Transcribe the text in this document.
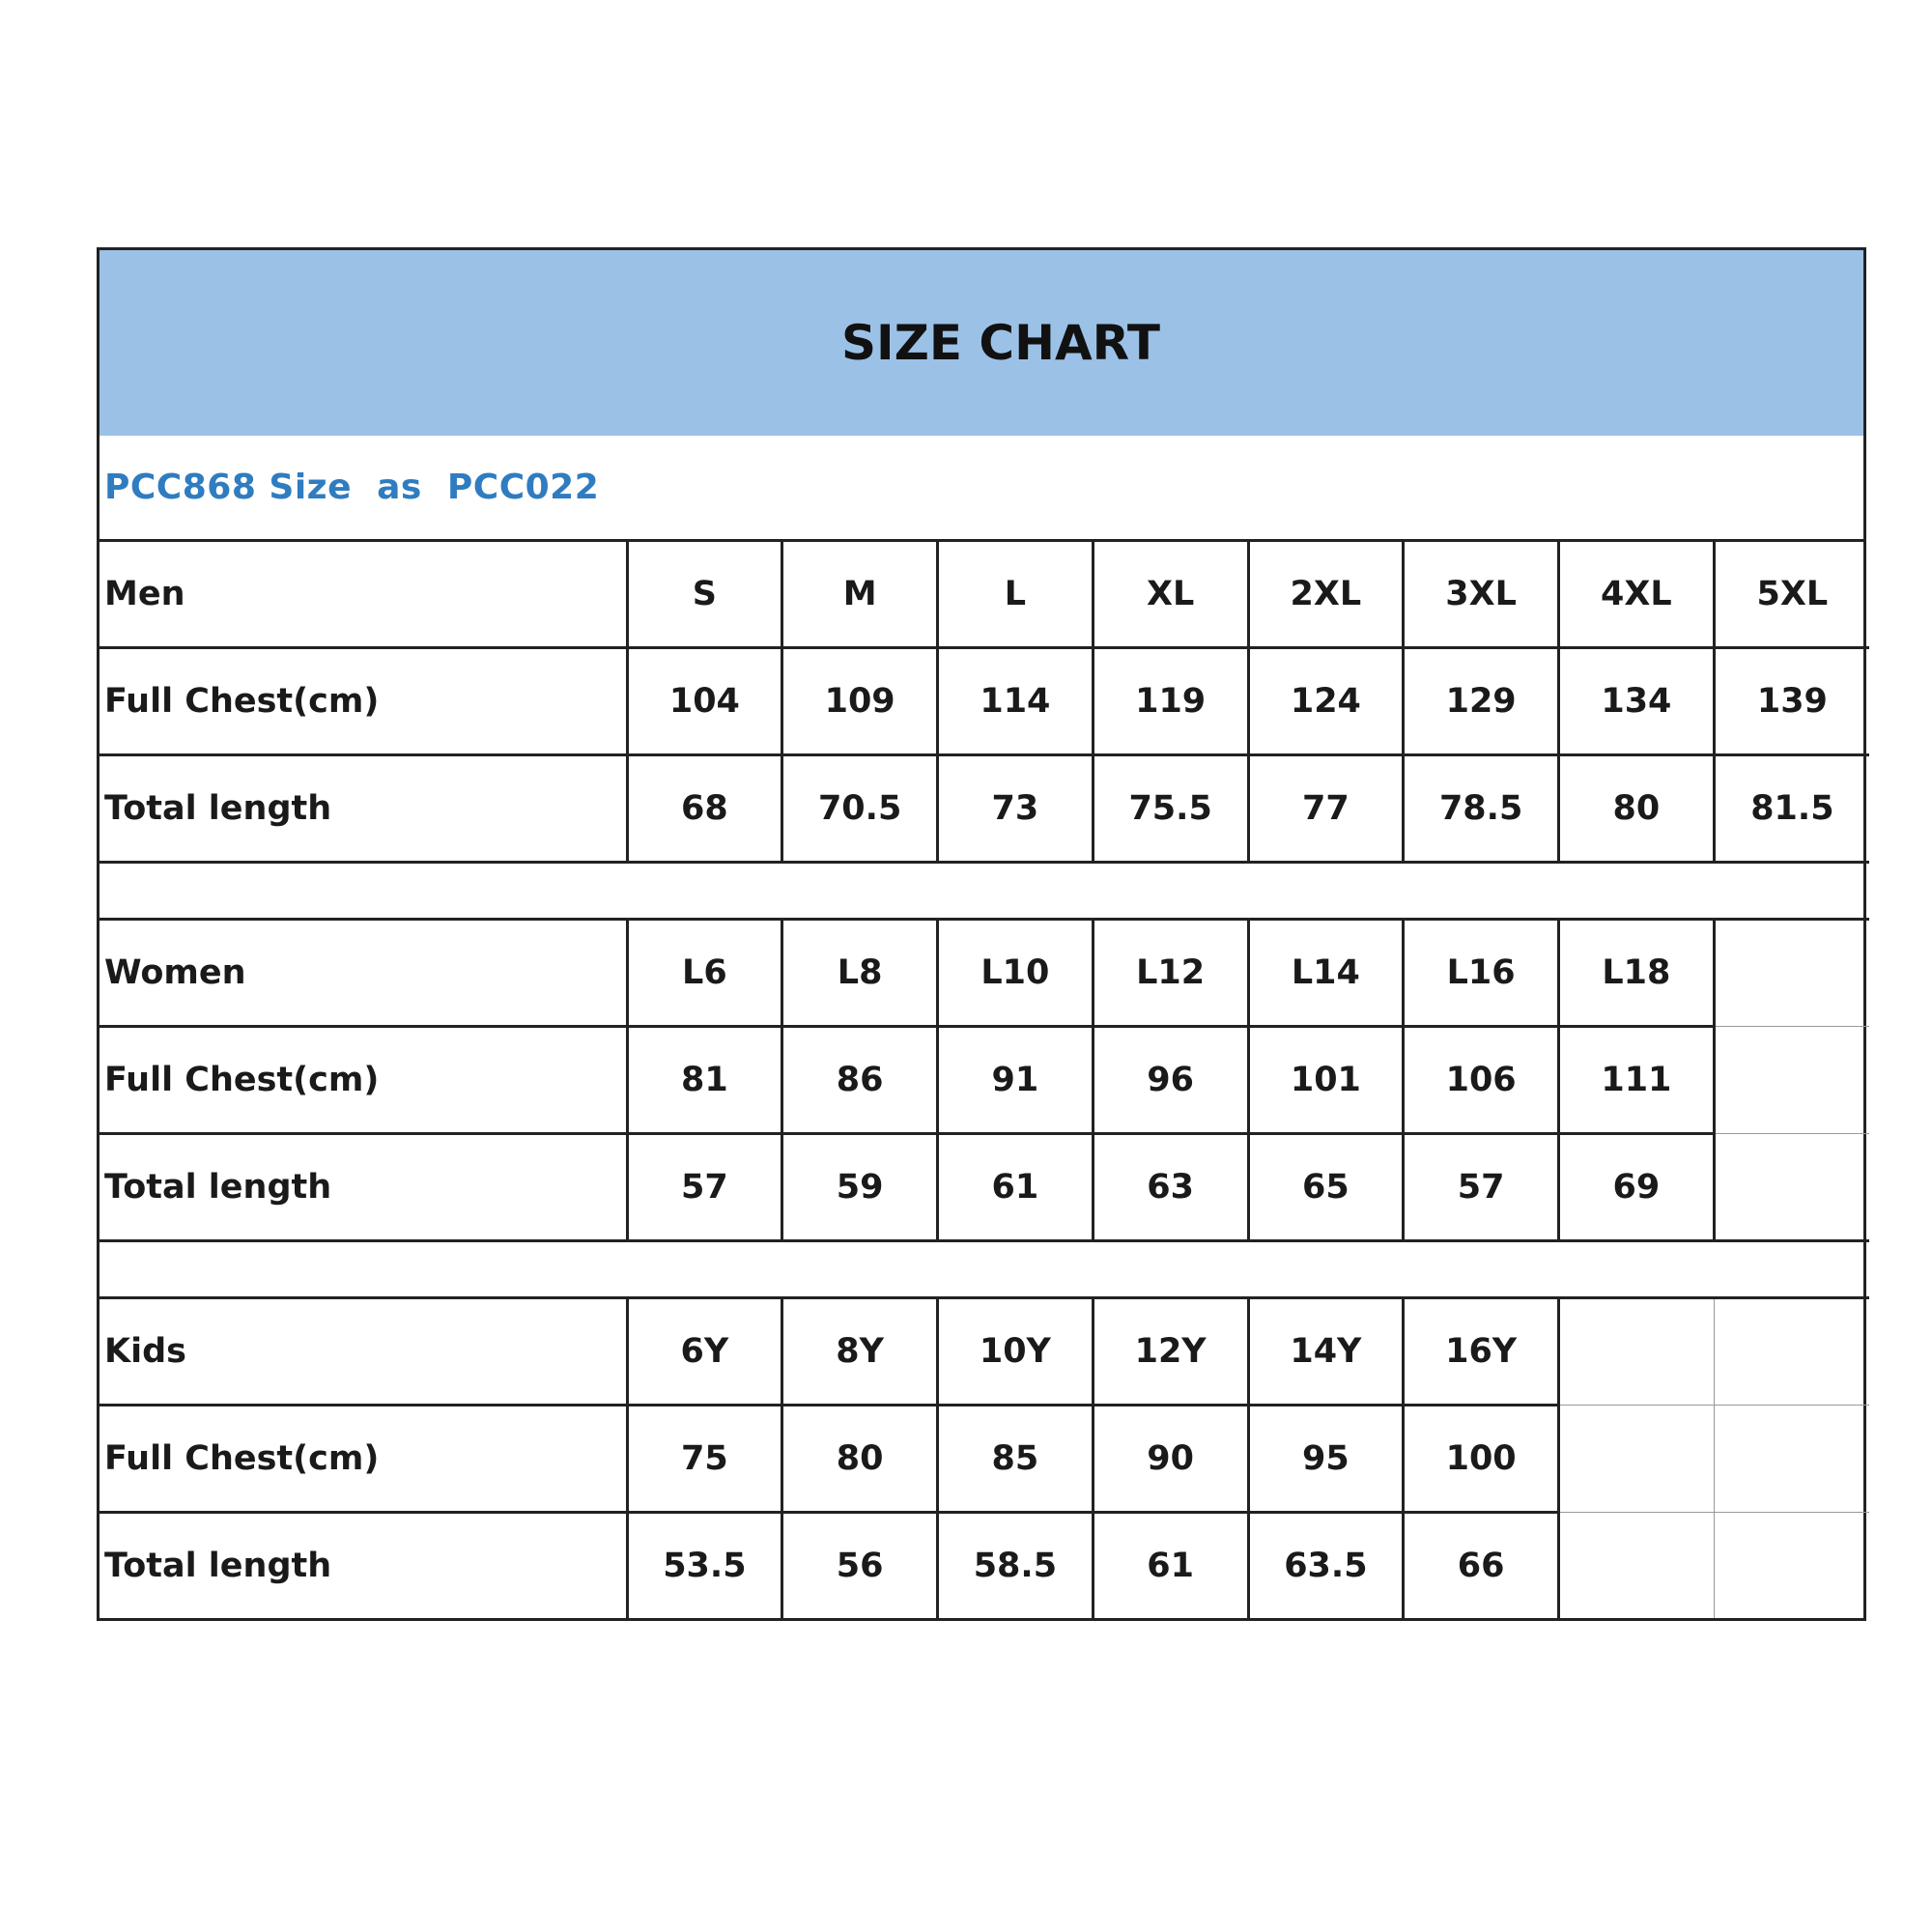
SIZE CHART
PCC868 Size  as  PCC022
Men	S	M	L	XL	2XL	3XL	4XL	5XL
Full Chest(cm)	104	109	114	119	124	129	134	139
Total length	68	70.5	73	75.5	77	78.5	80	81.5

Women	L6	L8	L10	L12	L14	L16	L18	
Full Chest(cm)	81	86	91	96	101	106	111	
Total length	57	59	61	63	65	57	69	

Kids	6Y	8Y	10Y	12Y	14Y	16Y		
Full Chest(cm)	75	80	85	90	95	100		
Total length	53.5	56	58.5	61	63.5	66		
